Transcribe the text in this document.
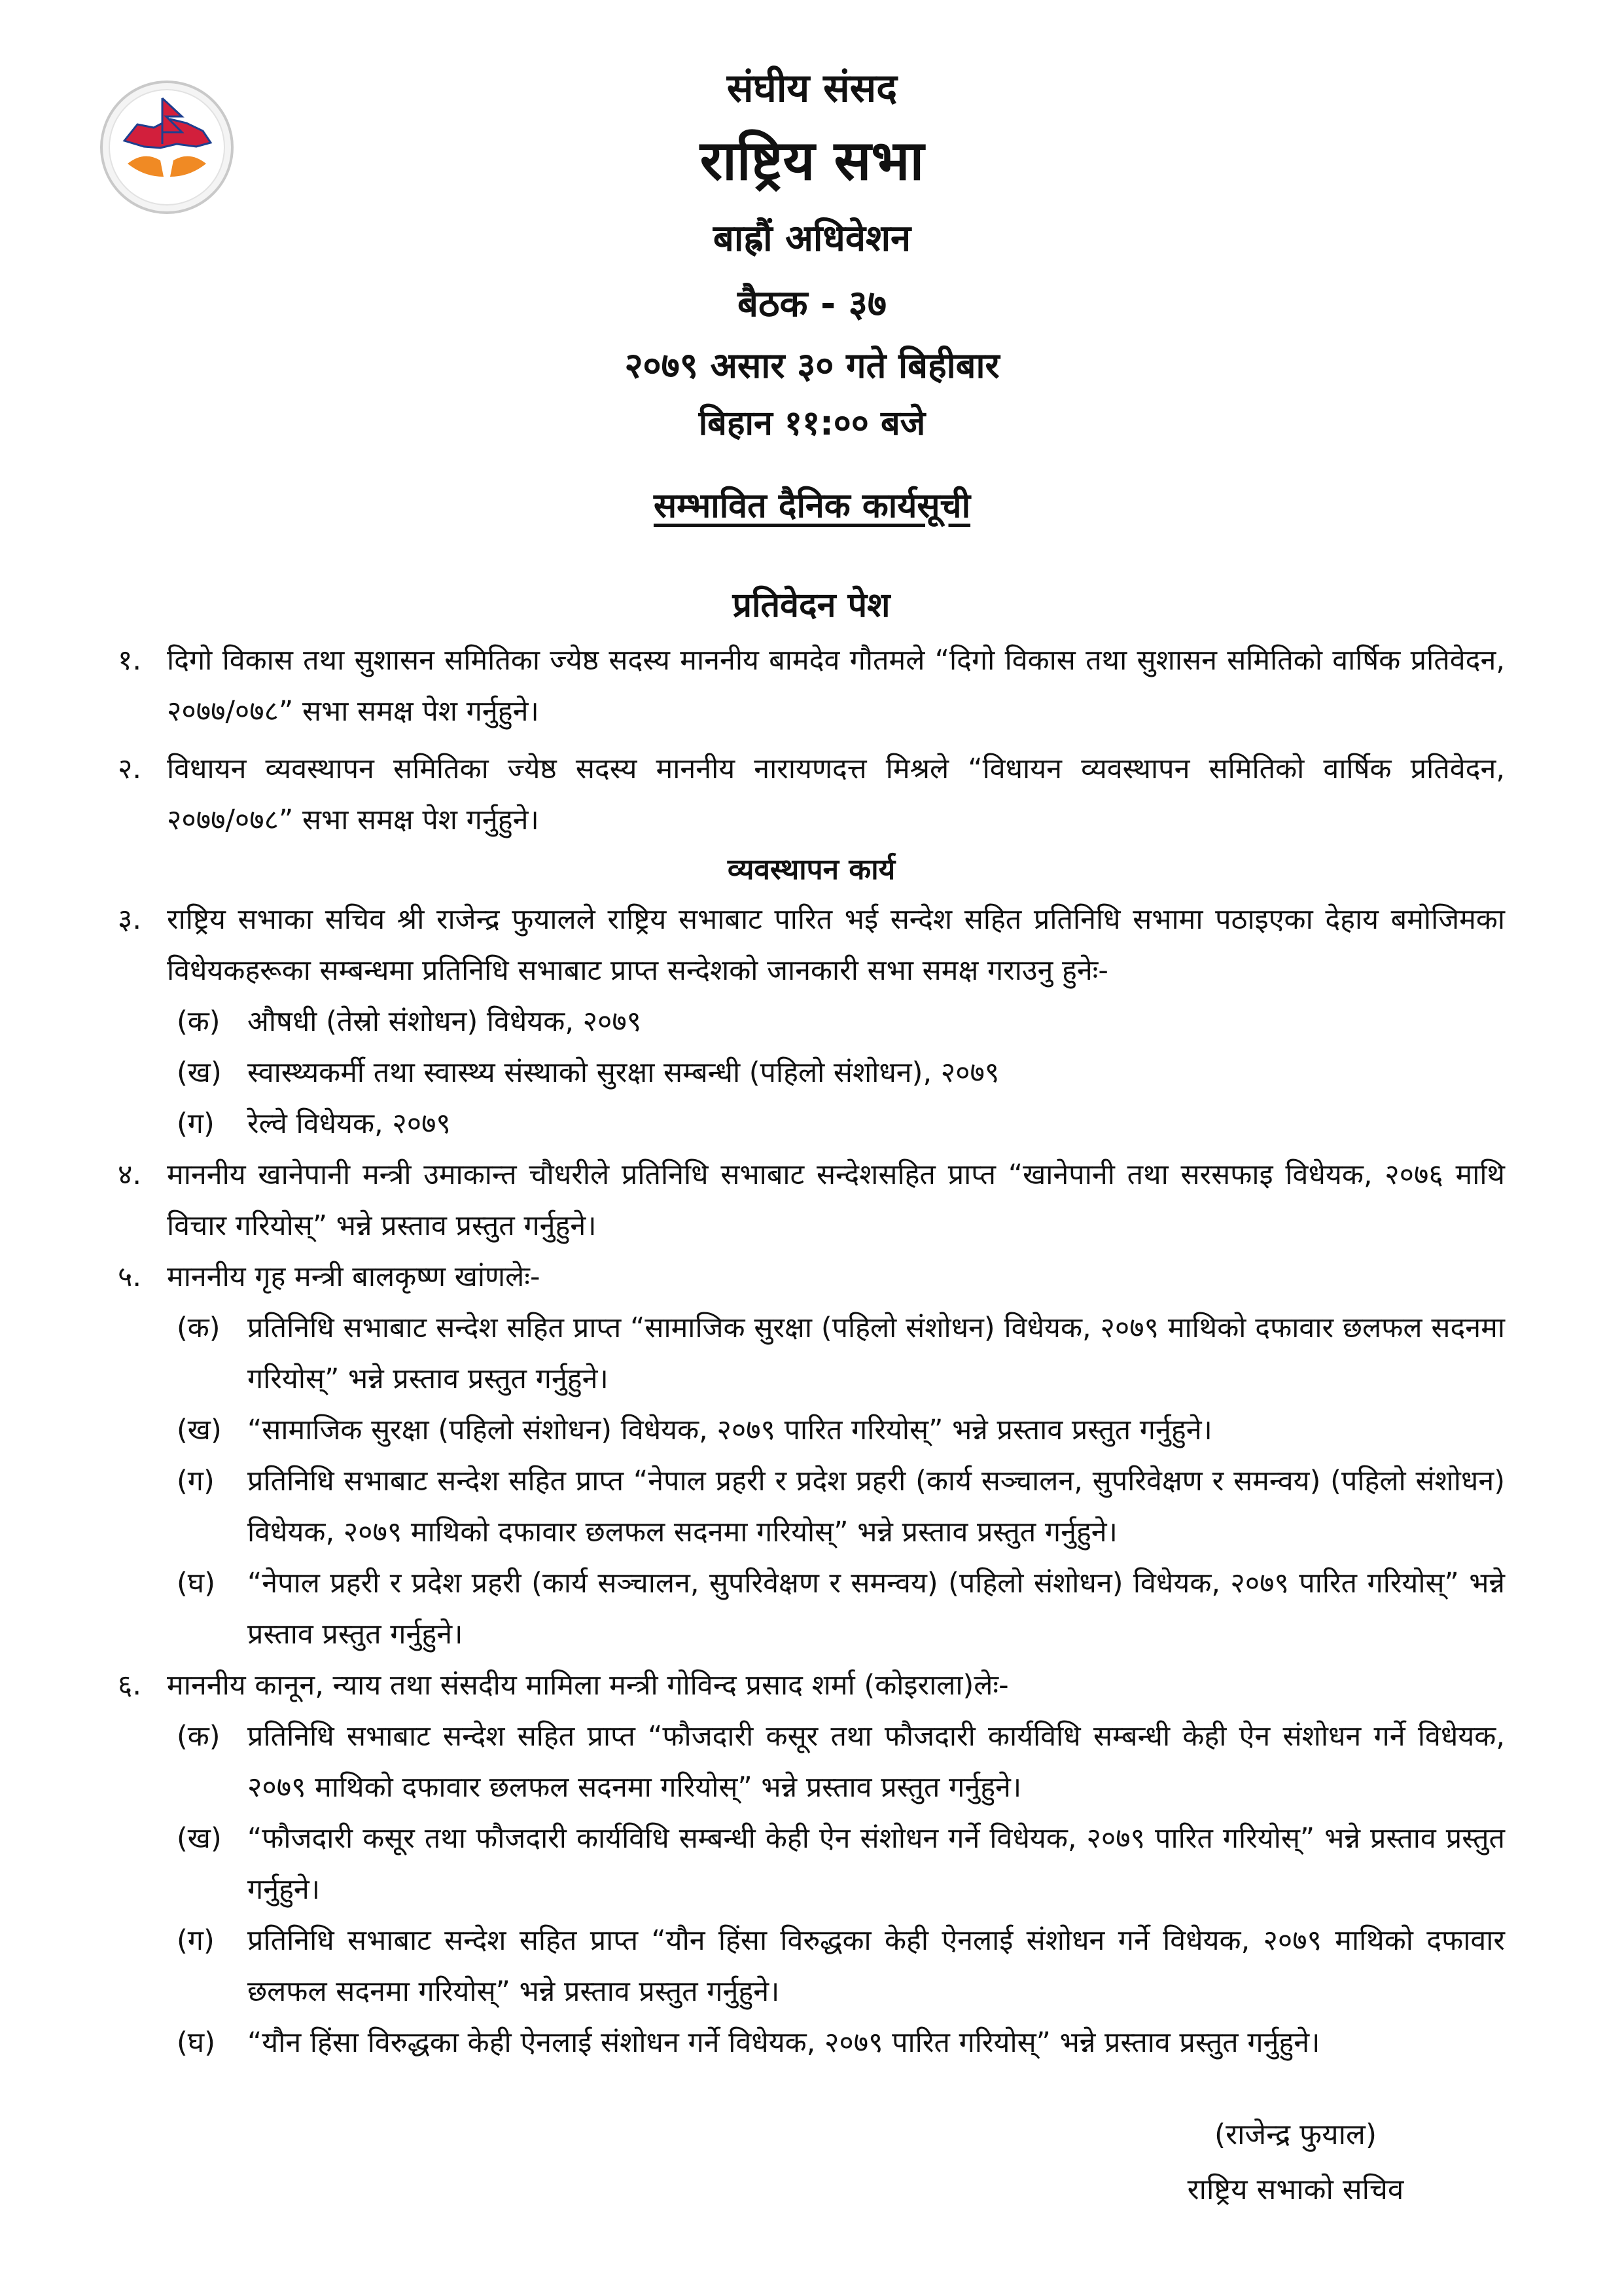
संघीय संसद
राष्ट्रिय सभा
बाह्रौं अधिवेशन
बैठक - ३७
२०७९ असार ३० गते बिहीबार
बिहान ११:०० बजे
सम्भावित दैनिक कार्यसूची
प्रतिवेदन पेश
१. दिगो विकास तथा सुशासन समितिका ज्येष्ठ सदस्य माननीय बामदेव गौतमले “दिगो विकास तथा सुशासन समितिको वार्षिक प्रतिवेदन, २०७७/०७८” सभा समक्ष पेश गर्नुहुने।
२. विधायन व्यवस्थापन समितिका ज्येष्ठ सदस्य माननीय नारायणदत्त मिश्रले “विधायन व्यवस्थापन समितिको वार्षिक प्रतिवेदन, २०७७/०७८” सभा समक्ष पेश गर्नुहुने।
व्यवस्थापन कार्य
३. राष्ट्रिय सभाका सचिव श्री राजेन्द्र फुयालले राष्ट्रिय सभाबाट पारित भई सन्देश सहित प्रतिनिधि सभामा पठाइएका देहाय बमोजिमका विधेयकहरूका सम्बन्धमा प्रतिनिधि सभाबाट प्राप्त सन्देशको जानकारी सभा समक्ष गराउनु हुनेः-
(क) औषधी (तेस्रो संशोधन) विधेयक, २०७९
(ख) स्वास्थ्यकर्मी तथा स्वास्थ्य संस्थाको सुरक्षा सम्बन्धी (पहिलो संशोधन), २०७९
(ग)	रेल्वे विधेयक, २०७९
४. माननीय खानेपानी मन्त्री उमाकान्त चौधरीले प्रतिनिधि सभाबाट सन्देशसहित प्राप्त “खानेपानी तथा सरसफाइ विधेयक, २०७६ माथि विचार गरियोस्” भन्ने प्रस्ताव प्रस्तुत गर्नुहुने।
५. माननीय गृह मन्त्री बालकृष्ण खांणलेः-
(क) प्रतिनिधि सभाबाट सन्देश सहित प्राप्त “सामाजिक सुरक्षा (पहिलो संशोधन) विधेयक, २०७९ माथिको दफावार छलफल सदनमा गरियोस्” भन्ने प्रस्ताव प्रस्तुत गर्नुहुने।
(ख) “सामाजिक सुरक्षा (पहिलो संशोधन) विधेयक, २०७९ पारित गरियोस्” भन्ने प्रस्ताव प्रस्तुत गर्नुहुने।
(ग)	प्रतिनिधि सभाबाट सन्देश सहित प्राप्त “नेपाल प्रहरी र प्रदेश प्रहरी (कार्य सञ्चालन, सुपरिवेक्षण र समन्वय) (पहिलो संशोधन) विधेयक, २०७९ माथिको दफावार छलफल सदनमा गरियोस्” भन्ने प्रस्ताव प्रस्तुत गर्नुहुने।
(घ)	“नेपाल प्रहरी र प्रदेश प्रहरी (कार्य सञ्चालन, सुपरिवेक्षण र समन्वय) (पहिलो संशोधन) विधेयक, २०७९ पारित गरियोस्” भन्ने प्रस्ताव प्रस्तुत गर्नुहुने।
६. माननीय कानून, न्याय तथा संसदीय मामिला मन्त्री गोविन्द प्रसाद शर्मा (कोइराला)लेः-
(क) प्रतिनिधि सभाबाट सन्देश सहित प्राप्त “फौजदारी कसूर तथा फौजदारी कार्यविधि सम्बन्धी केही ऐन संशोधन गर्ने विधेयक, २०७९ माथिको दफावार छलफल सदनमा गरियोस्” भन्ने प्रस्ताव प्रस्तुत गर्नुहुने।
(ख) “फौजदारी कसूर तथा फौजदारी कार्यविधि सम्बन्धी केही ऐन संशोधन गर्ने विधेयक, २०७९ पारित गरियोस्” भन्ने प्रस्ताव प्रस्तुत गर्नुहुने।
(ग)	प्रतिनिधि सभाबाट सन्देश सहित प्राप्त “यौन हिंसा विरुद्धका केही ऐनलाई संशोधन गर्ने विधेयक, २०७९ माथिको दफावार छलफल सदनमा गरियोस्” भन्ने प्रस्ताव प्रस्तुत गर्नुहुने।
(घ)	“यौन हिंसा विरुद्धका केही ऐनलाई संशोधन गर्ने विधेयक, २०७९ पारित गरियोस्” भन्ने प्रस्ताव प्रस्तुत गर्नुहुने।
(राजेन्द्र फुयाल)
राष्ट्रिय सभाको सचिव
